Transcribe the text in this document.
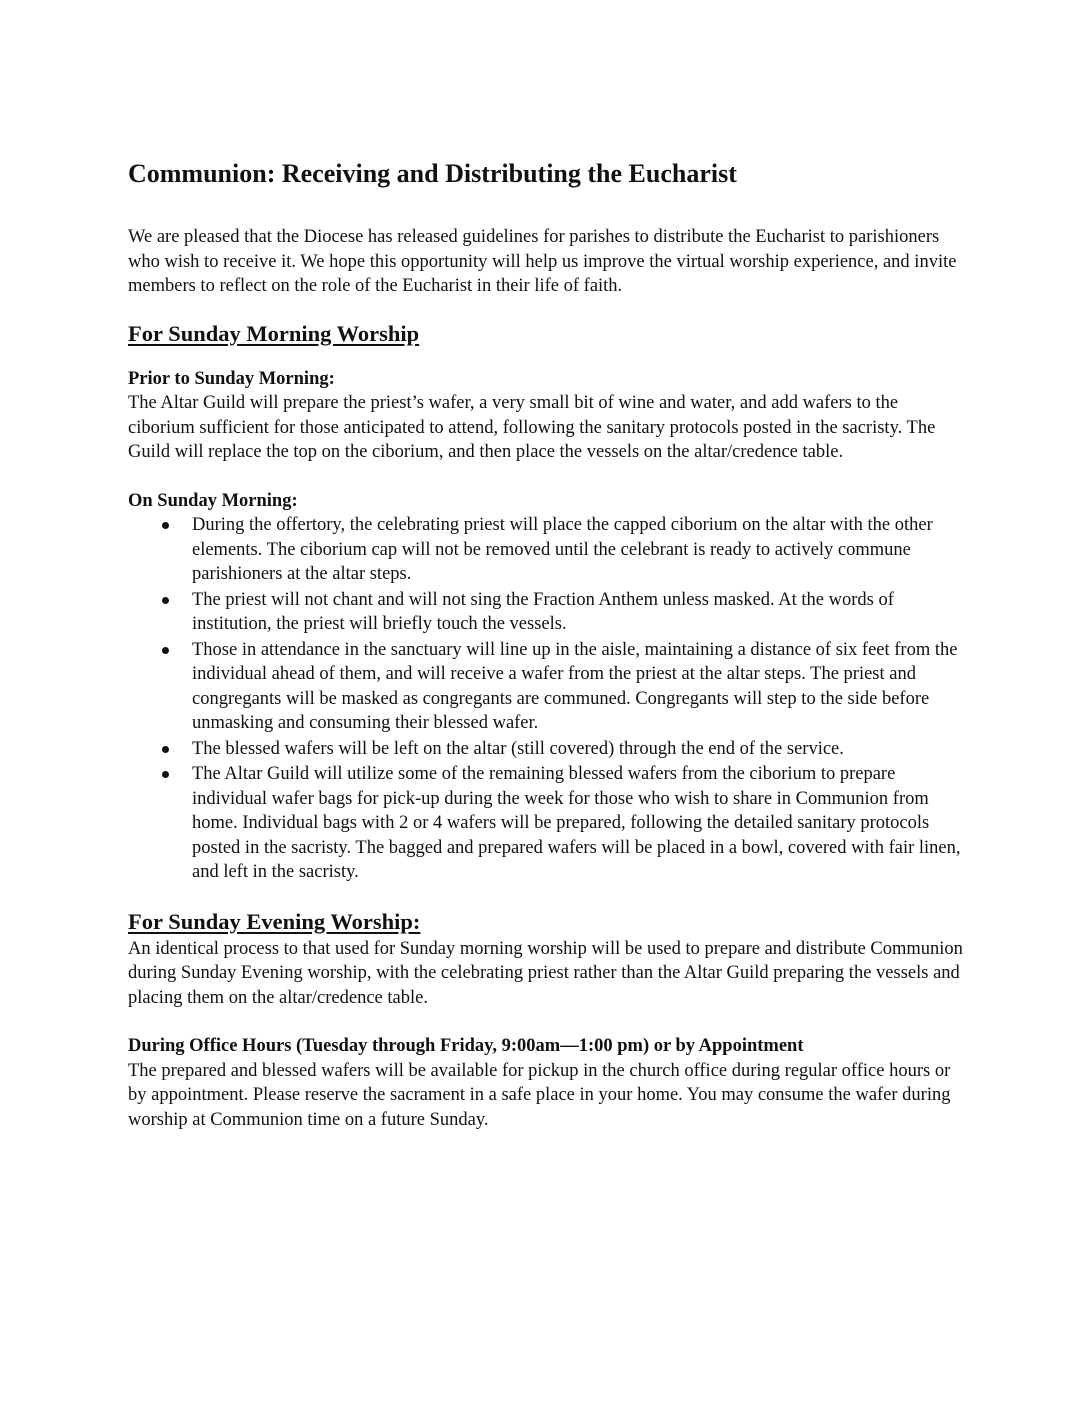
Communion: Receiving and Distributing the Eucharist

We are pleased that the Diocese has released guidelines for parishes to distribute the Eucharist to parishioners who wish to receive it. We hope this opportunity will help us improve the virtual worship experience, and invite members to reflect on the role of the Eucharist in their life of faith.

For Sunday Morning Worship

Prior to Sunday Morning:

The Altar Guild will prepare the priest’s wafer, a very small bit of wine and water, and add wafers to the ciborium sufficient for those anticipated to attend, following the sanitary protocols posted in the sacristy. The Guild will replace the top on the ciborium, and then place the vessels on the altar/credence table.

On Sunday Morning:

During the offertory, the celebrating priest will place the capped ciborium on the altar with the other elements. The ciborium cap will not be removed until the celebrant is ready to actively commune parishioners at the altar steps.
The priest will not chant and will not sing the Fraction Anthem unless masked. At the words of institution, the priest will briefly touch the vessels.
Those in attendance in the sanctuary will line up in the aisle, maintaining a distance of six feet from the individual ahead of them, and will receive a wafer from the priest at the altar steps. The priest and congregants will be masked as congregants are communed. Congregants will step to the side before unmasking and consuming their blessed wafer.
The blessed wafers will be left on the altar (still covered) through the end of the service.
The Altar Guild will utilize some of the remaining blessed wafers from the ciborium to prepare individual wafer bags for pick-up during the week for those who wish to share in Communion from home. Individual bags with 2 or 4 wafers will be prepared, following the detailed sanitary protocols posted in the sacristy. The bagged and prepared wafers will be placed in a bowl, covered with fair linen, and left in the sacristy.
For Sunday Evening Worship:

An identical process to that used for Sunday morning worship will be used to prepare and distribute Communion during Sunday Evening worship, with the celebrating priest rather than the Altar Guild preparing the vessels and placing them on the altar/credence table.

During Office Hours (Tuesday through Friday, 9:00am—1:00 pm) or by Appointment

The prepared and blessed wafers will be available for pickup in the church office during regular office hours or by appointment. Please reserve the sacrament in a safe place in your home. You may consume the wafer during worship at Communion time on a future Sunday.
